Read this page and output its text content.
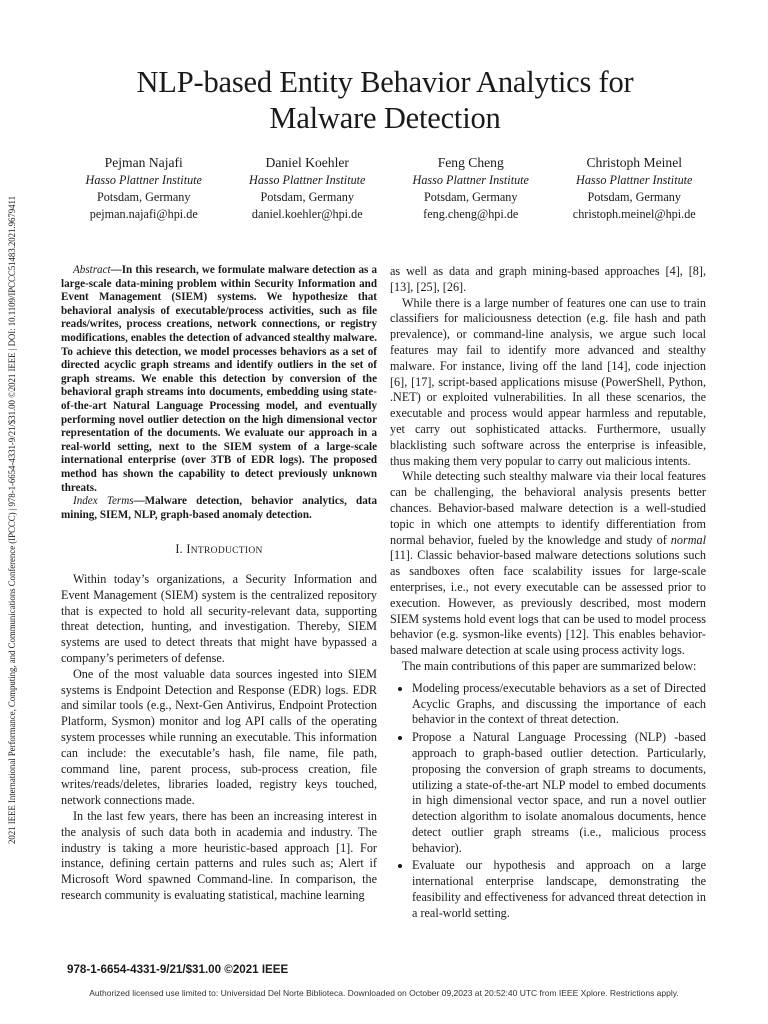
2021 IEEE International Performance, Computing, and Communications Conference (IPCCC) | 978-1-6654-4331-9/21/$31.00 ©2021 IEEE | DOI: 10.1109/IPCCC51483.2021.9679411
NLP-based Entity Behavior Analytics for
Malware Detection
Pejman Najafi
Hasso Plattner Institute
Potsdam, Germany
pejman.najafi@hpi.de
Daniel Koehler
Hasso Plattner Institute
Potsdam, Germany
daniel.koehler@hpi.de
Feng Cheng
Hasso Plattner Institute
Potsdam, Germany
feng.cheng@hpi.de
Christoph Meinel
Hasso Plattner Institute
Potsdam, Germany
christoph.meinel@hpi.de

Abstract—In this research, we formulate malware detection as a large-scale data-mining problem within Security Information and Event Management (SIEM) systems. We hypothesize that behavioral analysis of executable/process activities, such as file reads/writes, process creations, network connections, or registry modifications, enables the detection of advanced stealthy malware. To achieve this detection, we model processes behaviors as a set of directed acyclic graph streams and identify outliers in the set of graph streams. We enable this detection by conversion of the behavioral graph streams into documents, embedding using state-of-the-art Natural Language Processing model, and eventually performing novel outlier detection on the high dimensional vector representation of the documents. We evaluate our approach in a real-world setting, next to the SIEM system of a large-scale international enterprise (over 3TB of EDR logs). The proposed method has shown the capability to detect previously unknown threats.

Index Terms—Malware detection, behavior analytics, data mining, SIEM, NLP, graph-based anomaly detection.

I. INTRODUCTION

Within today’s organizations, a Security Information and Event Management (SIEM) system is the centralized repository that is expected to hold all security-relevant data, supporting threat detection, hunting, and investigation. Thereby, SIEM systems are used to detect threats that might have bypassed a company’s perimeters of defense.

One of the most valuable data sources ingested into SIEM systems is Endpoint Detection and Response (EDR) logs. EDR and similar tools (e.g., Next-Gen Antivirus, Endpoint Protection Platform, Sysmon) monitor and log API calls of the operating system processes while running an executable. This information can include: the executable’s hash, file name, file path, command line, parent process, sub-process creation, file writes/reads/deletes, libraries loaded, registry keys touched, network connections made.

In the last few years, there has been an increasing interest in the analysis of such data both in academia and industry. The industry is taking a more heuristic-based approach [1]. For instance, defining certain patterns and rules such as; Alert if Microsoft Word spawned Command-line. In comparison, the research community is evaluating statistical, machine learning

as well as data and graph mining-based approaches [4], [8], [13], [25], [26].

While there is a large number of features one can use to train classifiers for maliciousness detection (e.g. file hash and path prevalence), or command-line analysis, we argue such local features may fail to identify more advanced and stealthy malware. For instance, living off the land [14], code injection [6], [17], script-based applications misuse (PowerShell, Python, .NET) or exploited vulnerabilities. In all these scenarios, the executable and process would appear harmless and reputable, yet carry out sophisticated attacks. Furthermore, usually blacklisting such software across the enterprise is infeasible, thus making them very popular to carry out malicious intents.

While detecting such stealthy malware via their local features can be challenging, the behavioral analysis presents better chances. Behavior-based malware detection is a well-studied topic in which one attempts to identify differentiation from normal behavior, fueled by the knowledge and study of normal [11]. Classic behavior-based malware detections solutions such as sandboxes often face scalability issues for large-scale enterprises, i.e., not every executable can be assessed prior to execution. However, as previously described, most modern SIEM systems hold event logs that can be used to model process behavior (e.g. sysmon-like events) [12]. This enables behavior-based malware detection at scale using process activity logs.

The main contributions of this paper are summarized below:

• Modeling process/executable behaviors as a set of Directed Acyclic Graphs, and discussing the importance of each behavior in the context of threat detection.
• Propose a Natural Language Processing (NLP) -based approach to graph-based outlier detection. Particularly, proposing the conversion of graph streams to documents, utilizing a state-of-the-art NLP model to embed documents in high dimensional vector space, and run a novel outlier detection algorithm to isolate anomalous documents, hence detect outlier graph streams (i.e., malicious process behavior).
• Evaluate our hypothesis and approach on a large international enterprise landscape, demonstrating the feasibility and effectiveness for advanced threat detection in a real-world setting.
978-1-6654-4331-9/21/$31.00 ©2021 IEEE
Authorized licensed use limited to: Universidad Del Norte Biblioteca. Downloaded on October 09,2023 at 20:52:40 UTC from IEEE Xplore. Restrictions apply.
